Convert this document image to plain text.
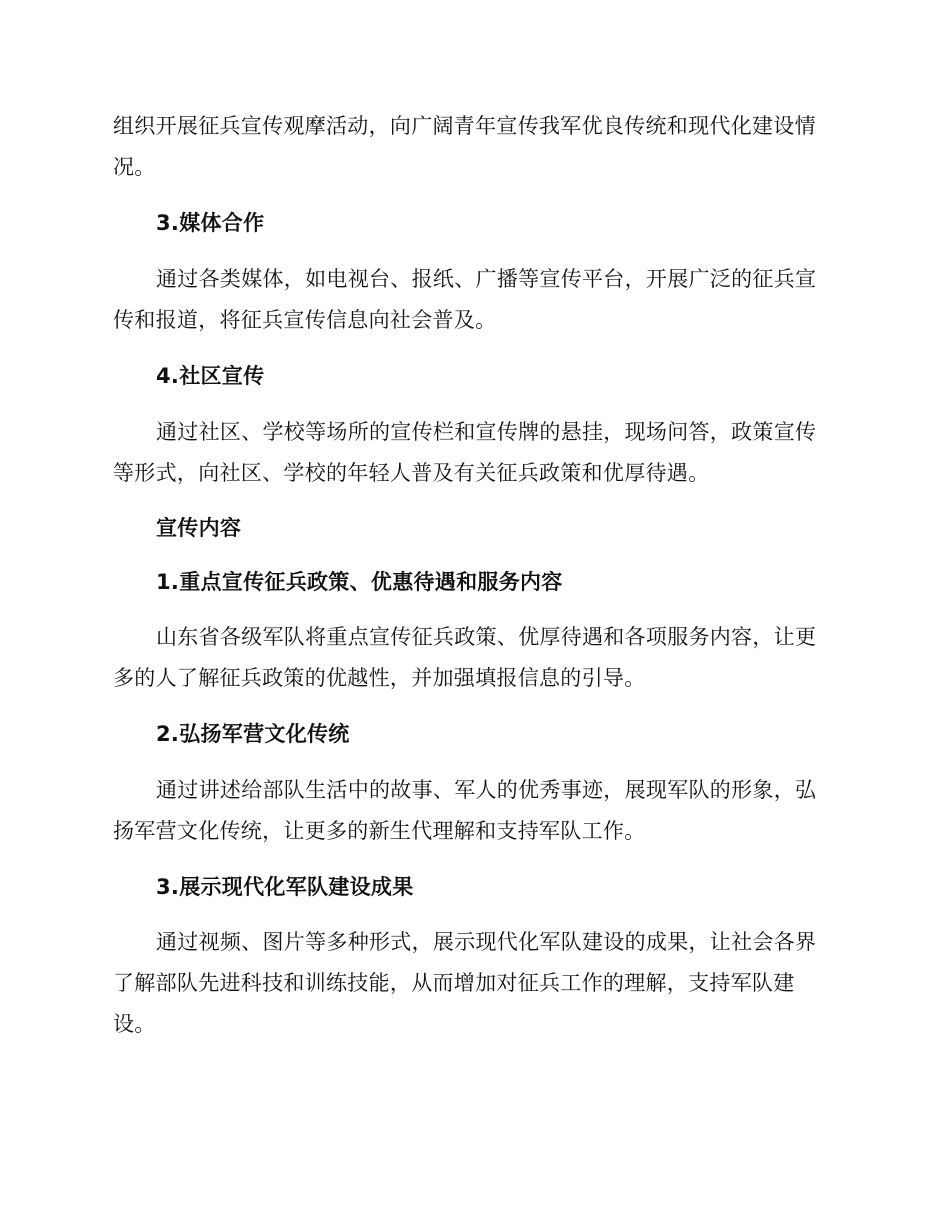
组织开展征兵宣传观摩活动，向广阔青年宣传我军优良传统和现代化建设情况。

3.媒体合作

通过各类媒体，如电视台、报纸、广播等宣传平台，开展广泛的征兵宣传和报道，将征兵宣传信息向社会普及。

4.社区宣传

通过社区、学校等场所的宣传栏和宣传牌的悬挂，现场问答，政策宣传等形式，向社区、学校的年轻人普及有关征兵政策和优厚待遇。

宣传内容

1.重点宣传征兵政策、优惠待遇和服务内容

山东省各级军队将重点宣传征兵政策、优厚待遇和各项服务内容，让更多的人了解征兵政策的优越性，并加强填报信息的引导。

2.弘扬军营文化传统

通过讲述给部队生活中的故事、军人的优秀事迹，展现军队的形象，弘扬军营文化传统，让更多的新生代理解和支持军队工作。

3.展示现代化军队建设成果

通过视频、图片等多种形式，展示现代化军队建设的成果，让社会各界了解部队先进科技和训练技能，从而增加对征兵工作的理解，支持军队建设。
